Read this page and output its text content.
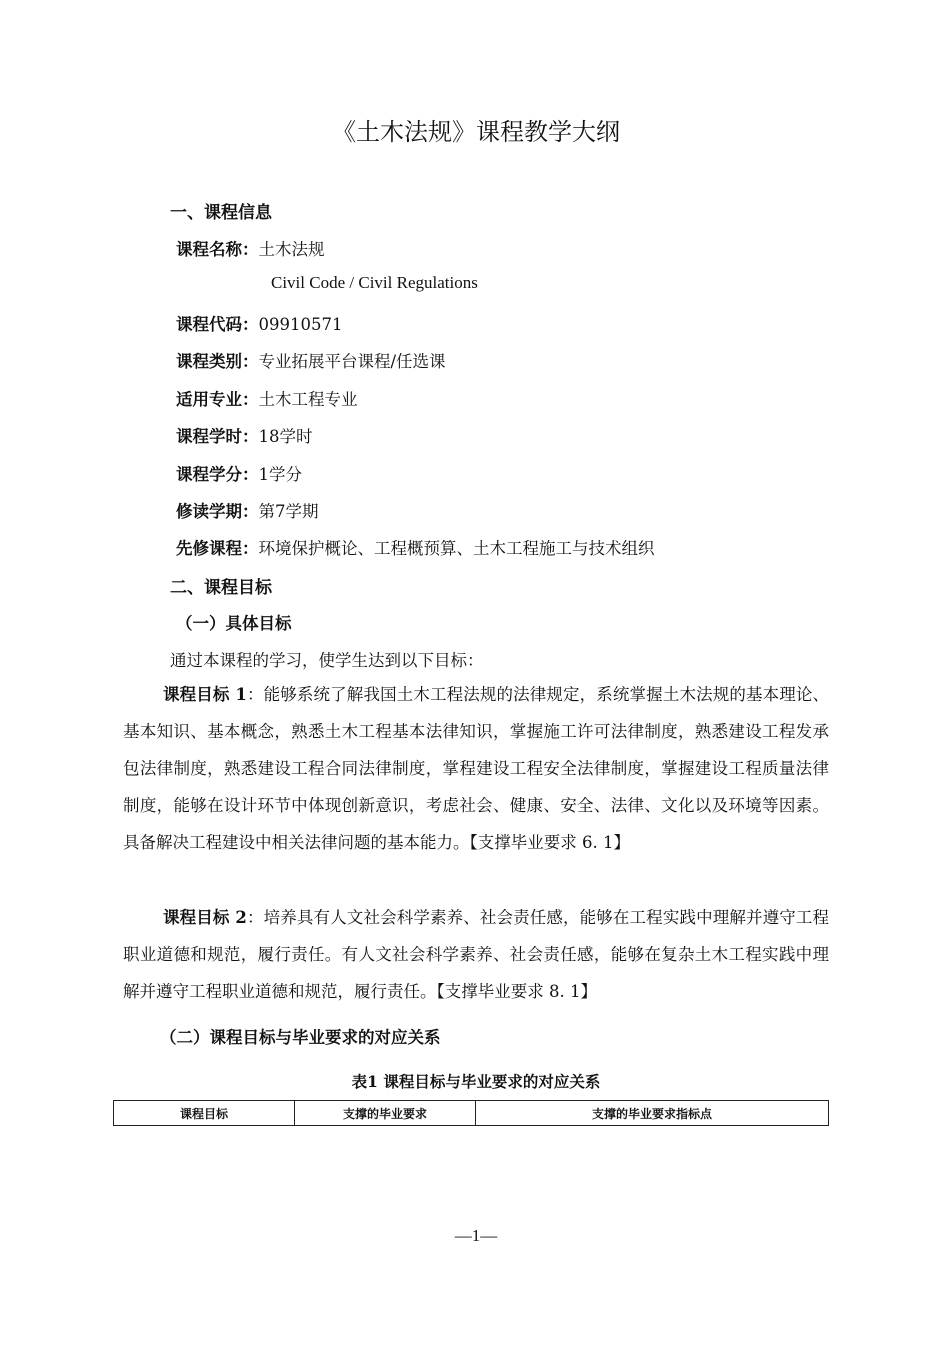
《土木法规》课程教学大纲
一、课程信息
课程名称：土木法规
Civil Code / Civil Regulations
课程代码：09910571
课程类别：专业拓展平台课程/任选课
适用专业：土木工程专业
课程学时：18学时
课程学分：1学分
修读学期：第7学期
先修课程：环境保护概论、工程概预算、土木工程施工与技术组织
二、课程目标
（一）具体目标
通过本课程的学习，使学生达到以下目标：

课程目标 1：能够系统了解我国土木工程法规的法律规定，系统掌握土木法规的基本理论、基本知识、基本概念，熟悉土木工程基本法律知识，掌握施工许可法律制度，熟悉建设工程发承包法律制度，熟悉建设工程合同法律制度，掌程建设工程安全法律制度，掌握建设工程质量法律制度，能够在设计环节中体现创新意识，考虑社会、健康、安全、法律、文化以及环境等因素。具备解决工程建设中相关法律问题的基本能力。【支撑毕业要求 6. 1】

课程目标 2：培养具有人文社会科学素养、社会责任感，能够在工程实践中理解并遵守工程职业道德和规范，履行责任。有人文社会科学素养、社会责任感，能够在复杂土木工程实践中理解并遵守工程职业道德和规范，履行责任。【支撑毕业要求 8. 1】

（二）课程目标与毕业要求的对应关系
表1 课程目标与毕业要求的对应关系
课程目标	支撑的毕业要求	支撑的毕业要求指标点
—1—
